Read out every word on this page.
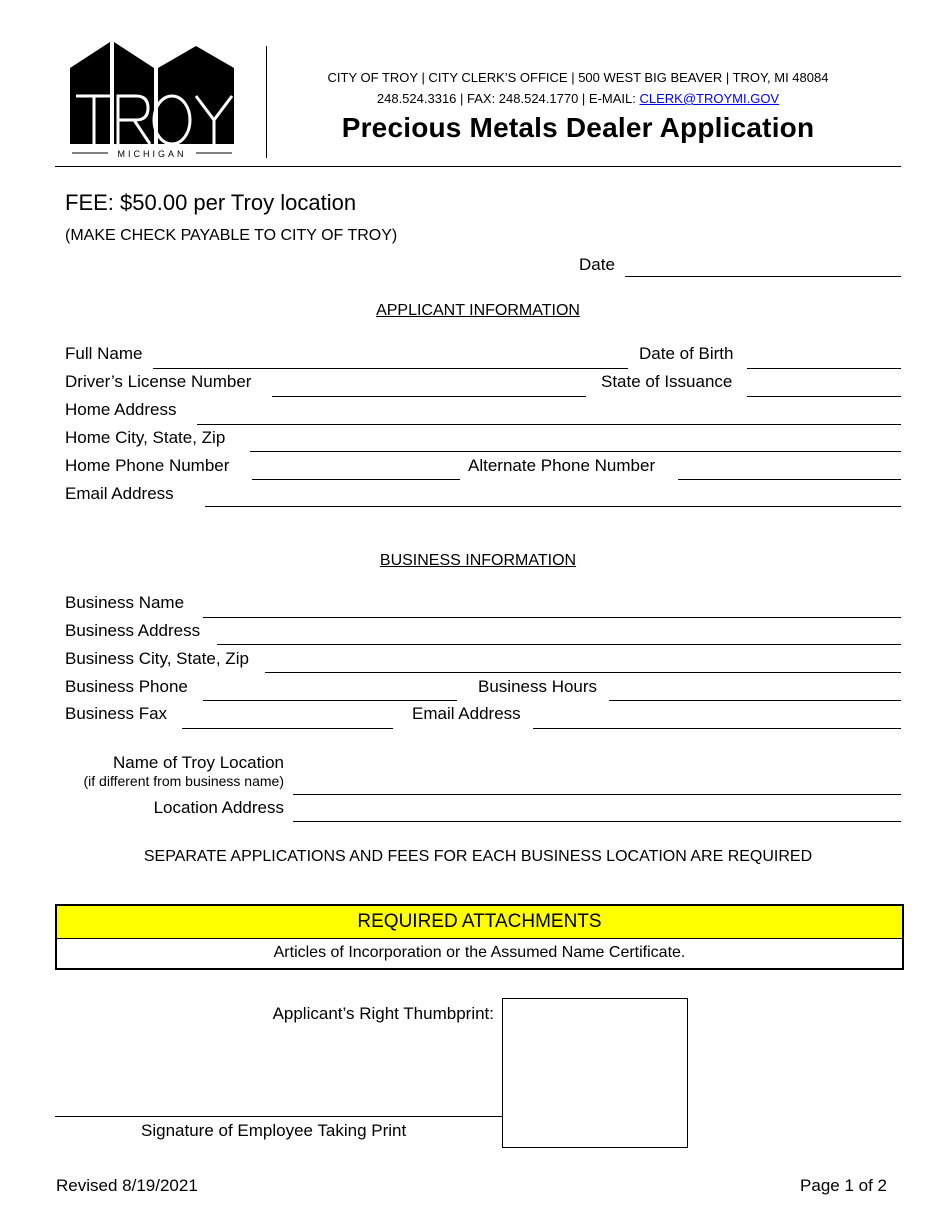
MICHIGAN
CITY OF TROY | CITY CLERK’S OFFICE | 500 WEST BIG BEAVER | TROY, MI 48084
248.524.3316 | FAX: 248.524.1770 | E-MAIL: CLERK@TROYMI.GOV
Precious Metals Dealer Application
FEE: $50.00 per Troy location
(MAKE CHECK PAYABLE TO CITY OF TROY)
Date
APPLICANT INFORMATION
Full Name	Date of Birth
Driver’s License Number	State of Issuance
Home Address
Home City, State, Zip
Home Phone Number	Alternate Phone Number
Email Address
BUSINESS INFORMATION
Business Name
Business Address
Business City, State, Zip
Business Phone	Business Hours
Business Fax	Email Address
Name of Troy Location
(if different from business name)
Location Address
SEPARATE APPLICATIONS AND FEES FOR EACH BUSINESS LOCATION ARE REQUIRED
REQUIRED ATTACHMENTS
Articles of Incorporation or the Assumed Name Certificate.
Applicant’s Right Thumbprint:
Signature of Employee Taking Print
Revised 8/19/2021	Page 1 of 2
